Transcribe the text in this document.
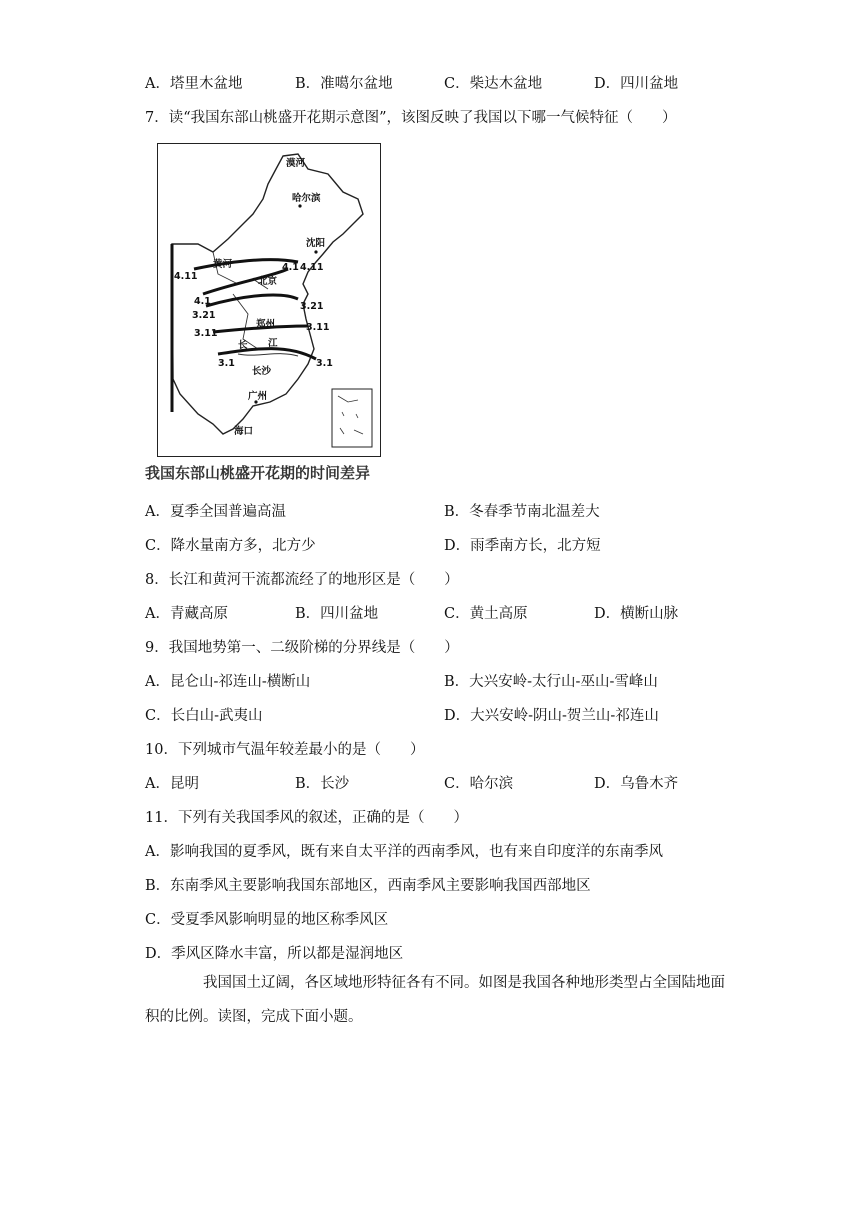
A．塔里木盆地	B．准噶尔盆地	C．柴达木盆地	D．四川盆地
7．读“我国东部山桃盛开花期示意图”，该图反映了我国以下哪一气候特征（　　）
漠河
哈尔滨
沈阳
黄河
北京
郑州
长 江
长沙
广州
海口
4.11
4.1 4.11
4.1
3.21
3.21
3.11
3.11
3.1	3.1
我国东部山桃盛开花期的时间差异
A．夏季全国普遍高温	B．冬春季节南北温差大
C．降水量南方多，北方少	D．雨季南方长，北方短
8．长江和黄河干流都流经了的地形区是（　　）
A．青藏高原	B．四川盆地	C．黄土高原	D．横断山脉
9．我国地势第一、二级阶梯的分界线是（　　）
A．昆仑山-祁连山-横断山	B．大兴安岭-太行山-巫山-雪峰山
C．长白山-武夷山	D．大兴安岭-阴山-贺兰山-祁连山
10．下列城市气温年较差最小的是（　　）
A．昆明	B．长沙	C．哈尔滨	D．乌鲁木齐
11．下列有关我国季风的叙述，正确的是（　　）
A．影响我国的夏季风，既有来自太平洋的西南季风，也有来自印度洋的东南季风
B．东南季风主要影响我国东部地区，西南季风主要影响我国西部地区
C．受夏季风影响明显的地区称季风区
D．季风区降水丰富，所以都是湿润地区
我国国土辽阔，各区域地形特征各有不同。如图是我国各种地形类型占全国陆地面积的比例。读图，完成下面小题。
